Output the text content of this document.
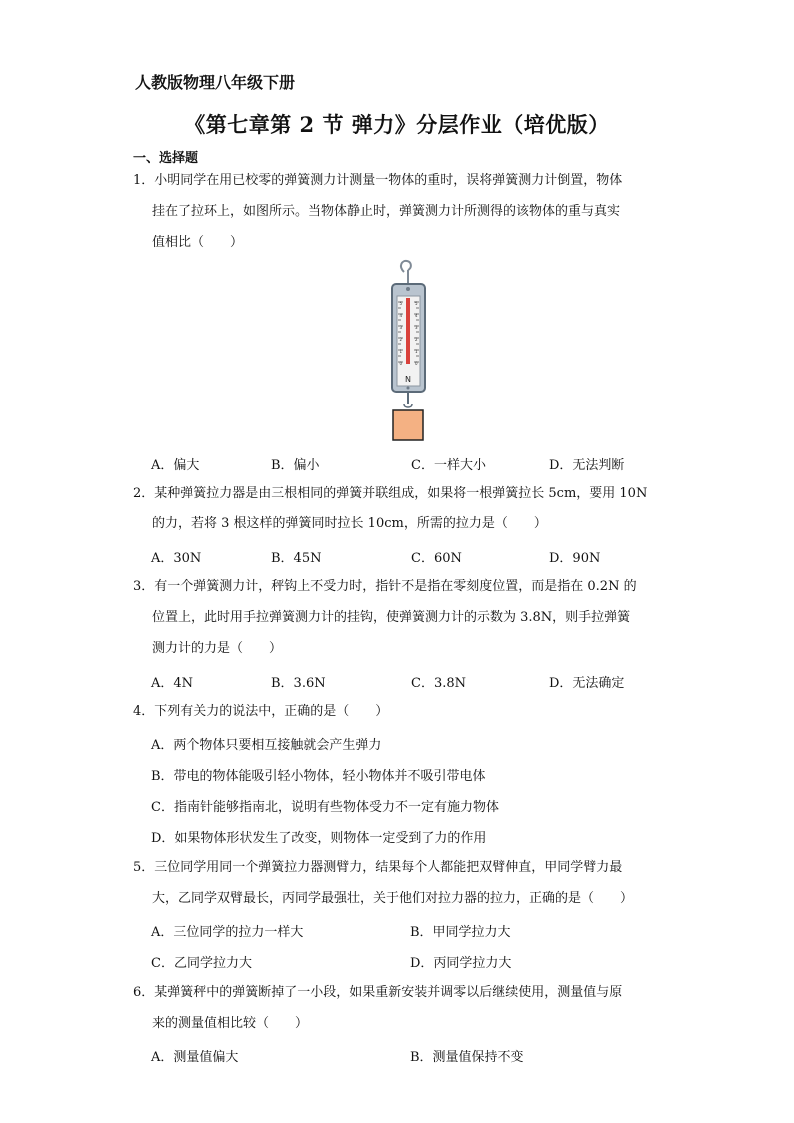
人教版物理八年级下册
《第七章第 2 节 弹力》分层作业（培优版）
一、选择题
1．小明同学在用已校零的弹簧测力计测量一物体的重时，误将弹簧测力计倒置，物体
挂在了拉环上，如图所示。当物体静止时，弹簧测力计所测得的该物体的重与真实
值相比（　　）
5
4
3
2
1
0
5
4
3
2
1
0
N
A．偏大	B．偏小	C．一样大小	D．无法判断
2．某种弹簧拉力器是由三根相同的弹簧并联组成，如果将一根弹簧拉长 5cm，要用 10N
的力，若将 3 根这样的弹簧同时拉长 10cm，所需的拉力是（　　）
A．30N	B．45N	C．60N	D．90N
3．有一个弹簧测力计，秤钩上不受力时，指针不是指在零刻度位置，而是指在 0.2N 的
位置上，此时用手拉弹簧测力计的挂钩，使弹簧测力计的示数为 3.8N，则手拉弹簧
测力计的力是（　　）
A．4N	B．3.6N	C．3.8N	D．无法确定
4．下列有关力的说法中，正确的是（　　）
A．两个物体只要相互接触就会产生弹力
B．带电的物体能吸引轻小物体，轻小物体并不吸引带电体
C．指南针能够指南北，说明有些物体受力不一定有施力物体
D．如果物体形状发生了改变，则物体一定受到了力的作用
5．三位同学用同一个弹簧拉力器测臂力，结果每个人都能把双臂伸直，甲同学臂力最
大，乙同学双臂最长，丙同学最强壮，关于他们对拉力器的拉力，正确的是（　　）
A．三位同学的拉力一样大	B．甲同学拉力大
C．乙同学拉力大	D．丙同学拉力大
6．某弹簧秤中的弹簧断掉了一小段，如果重新安装并调零以后继续使用，测量值与原
来的测量值相比较（　　）
A．测量值偏大	B．测量值保持不变
